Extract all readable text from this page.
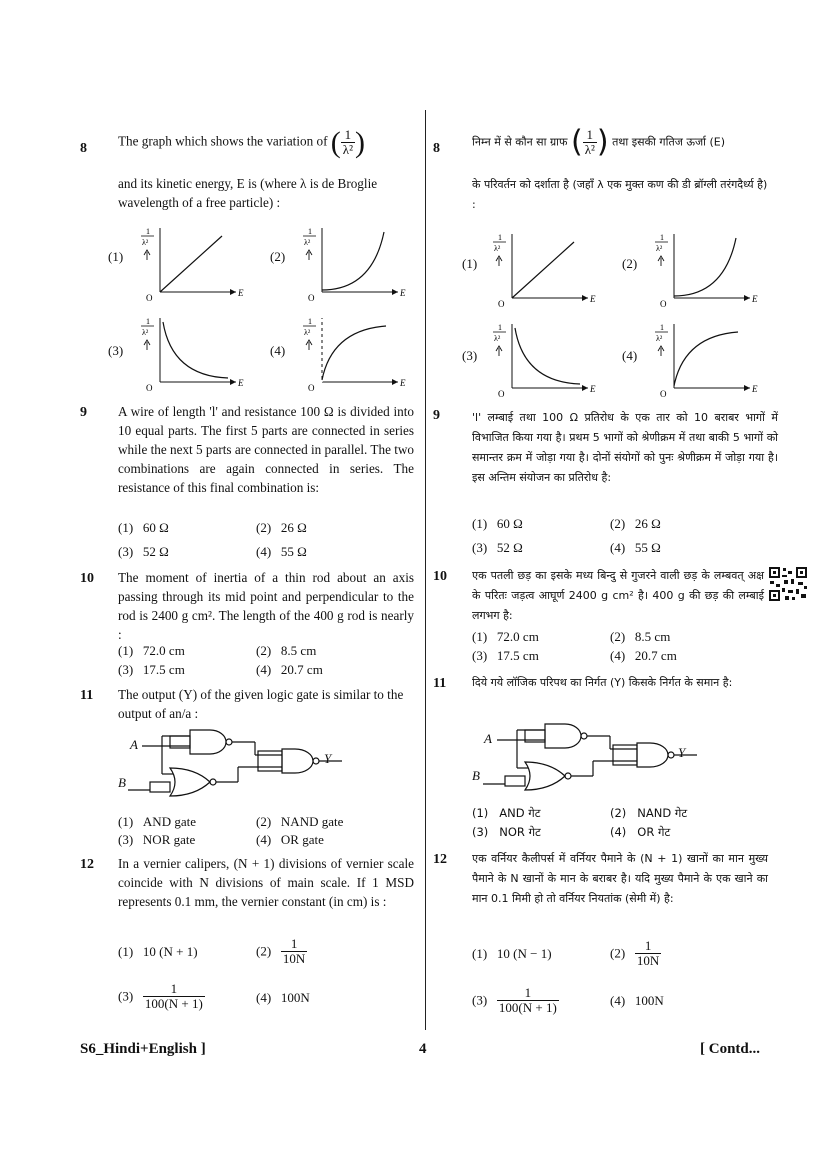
8 The graph which shows the variation of ( $\frac{1}{\text{λ²}}$ )
and its kinetic energy, E is (where λ is de Broglie wavelength of a free particle) :
(1)	(2)
(3)	(4)
1
λ²
O	E
1
λ²
O	E
1
λ²
O	E
1
λ²
O	E
8	निम्न में से कौन सा ग्राफ ( $\frac{1}{\text{λ²}}$ ) तथा इसकी गतिज ऊर्जा (E)
के परिवर्तन को दर्शाता है (जहाँ λ एक मुक्त कण की डी ब्रॉग्ली तरंगदैर्ध्य है) :
(1)	(2)
(3)	(4)
1
λ²
O	E
1
λ²
O	E
1
λ²
O	E
1
λ²
O	E
9 A wire of length 'l' and resistance 100 Ω is divided into 10 equal parts. The first 5 parts are connected in series while the next 5 parts are connected in parallel. The two combinations are again connected in series. The resistance of this final combination is:
(1) 60 Ω	(2) 26 Ω
(3) 52 Ω	(4) 55 Ω
9	'l' लम्बाई तथा 100 Ω प्रतिरोध के एक तार को 10 बराबर भागों में विभाजित किया गया है। प्रथम 5 भागों को श्रेणीक्रम में तथा बाकी 5 भागों को समान्तर क्रम में जोड़ा गया है। दोनों संयोगों को पुनः श्रेणीक्रम में जोड़ा गया है। इस अन्तिम संयोजन का प्रतिरोध है:
(1) 60 Ω	(2) 26 Ω
(3) 52 Ω	(4) 55 Ω
10 The moment of inertia of a thin rod about an axis passing through its mid point and perpendicular to the rod is 2400 g cm². The length of the 400 g rod is nearly :
(1) 72.0 cm	(2) 8.5 cm
(3) 17.5 cm	(4) 20.7 cm
10 एक पतली छड़ का इसके मध्य बिन्दु से गुजरने वाली छड़ के लम्बवत् अक्ष के परितः जड़त्व आघूर्ण 2400 g cm² है। 400 g की छड़ की लम्बाई लगभग है:
(1) 72.0 cm	(2) 8.5 cm
(3) 17.5 cm	(4) 20.7 cm
11 The output (Y) of the given logic gate is similar to the output of an/a :
A
B
Y
(1) AND gate	(2) NAND gate
(3) NOR gate	(4) OR gate
11 दिये गये लॉजिक परिपथ का निर्गत (Y) किसके निर्गत के समान है:
A
B
Y
(1) AND गेट	(2) NAND गेट
(3) NOR गेट	(4) OR गेट
12 In a vernier calipers, (N + 1) divisions of vernier scale coincide with N divisions of main scale. If 1 MSD represents 0.1 mm, the vernier constant (in cm) is :
(1) 10 (N + 1)	$(2) \frac{1}{10N}$
$(3) \frac{1}{100(N + 1)}$	(4) 100N
12 एक वर्नियर कैलीपर्स में वर्नियर पैमाने के (N + 1) खानों का मान मुख्य पैमाने के N खानों के मान के बराबर है। यदि मुख्य पैमाने के एक खाने का मान 0.1 मिमी हो तो वर्नियर नियतांक (सेमी में) है:
(1) 10 (N − 1)	$(2) \frac{1}{10N}$
$(3) \frac{1}{100(N + 1)}$	(4) 100N
S6_Hindi+English ]	4	[ Contd...
